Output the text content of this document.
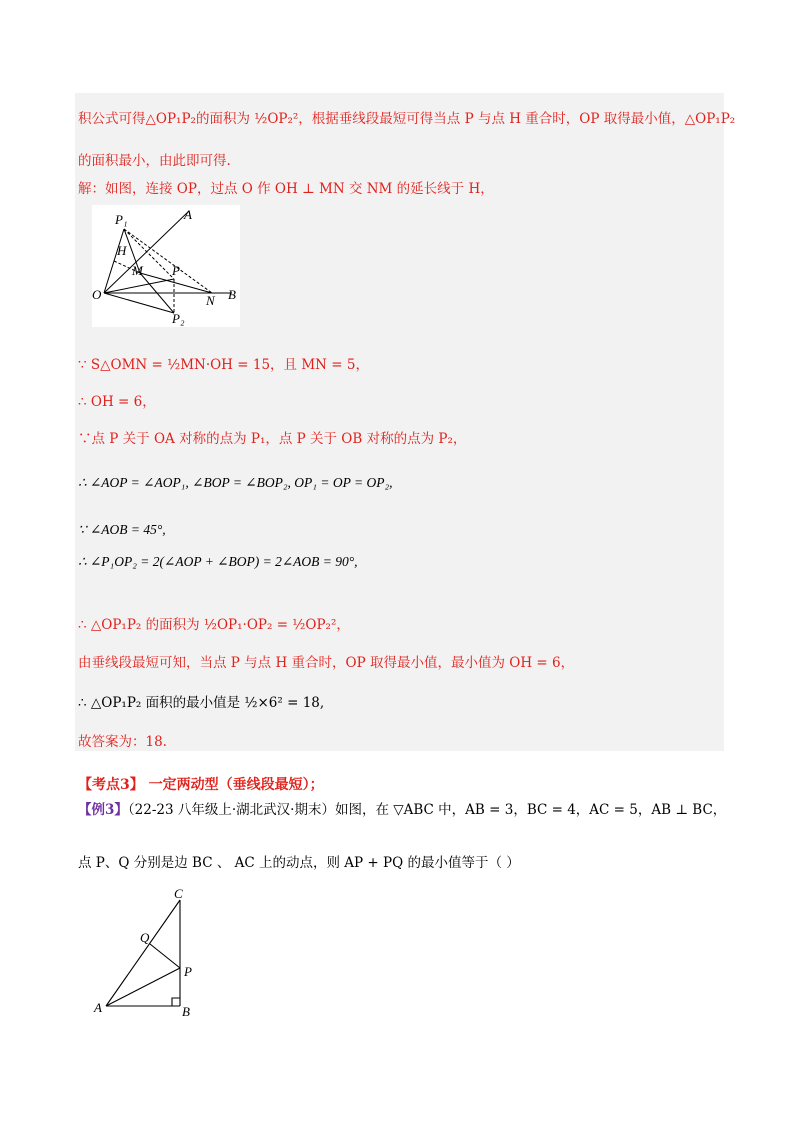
积公式可得△OP₁P₂的面积为 ½OP₂²，根据垂线段最短可得当点 P 与点 H 重合时，OP 取得最小值，△OP₁P₂
的面积最小，由此即可得.
解：如图，连接 OP，过点 O 作 OH ⊥ MN 交 NM 的延长线于 H，
P₁	A
H
M P
O	N B
P₂
∵ S△OMN = ½MN·OH = 15，且 MN = 5，
∴ OH = 6，
∵点 P 关于 OA 对称的点为 P₁，点 P 关于 OB 对称的点为 P₂，
∴ ∠AOP = ∠AOP₁, ∠BOP = ∠BOP₂, OP₁ = OP = OP₂,
∵ ∠AOB = 45°,
∴ ∠P₁OP₂ = 2(∠AOP + ∠BOP) = 2∠AOB = 90°,
∴ △OP₁P₂ 的面积为 ½OP₁·OP₂ = ½OP₂²，
由垂线段最短可知，当点 P 与点 H 重合时，OP 取得最小值，最小值为 OH = 6，
∴ △OP₁P₂ 面积的最小值是 ½×6² = 18,
故答案为：18.
【考点3】 一定两动型（垂线段最短）；
【例3】（22-23 八年级上·湖北武汉·期末）如图，在 ▽ABC 中，AB = 3，BC = 4，AC = 5，AB ⊥ BC，
点 P、Q 分别是边 BC 、 AC 上的动点，则 AP + PQ 的最小值等于（ ）
C
Q
P
A	B
